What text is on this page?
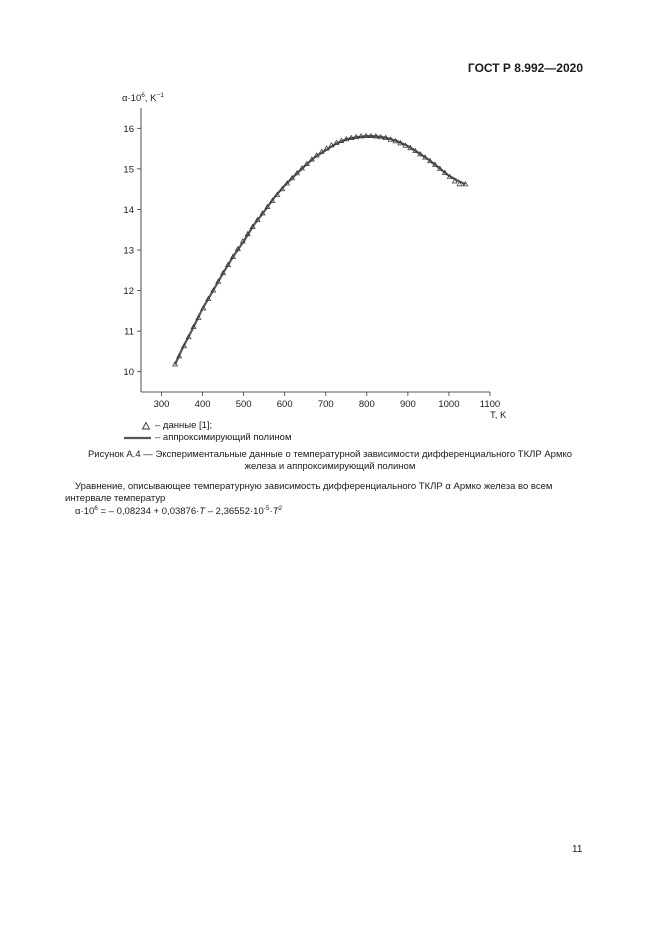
ГОСТ Р 8.992—2020
300	400	500	600	700	800	900 1000 1100
10
11
12
13
14
15
16
$\alpha\cdot 10^6$, $K^{-1}$
T, K
– данные [1];
– аппроксимирующий полином
Рисунок А.4 — Экспериментальные данные о температурной зависимости дифференциального ТКЛР Армко
железа и аппроксимирующий полином
Уравнение, описывающее температурную зависимость дифференциального ТКЛР α Армко железа во всем
интервале температур
$\alpha\cdot 10^6$ = – $0,08234 + 0,03876\cdot T - 2,36552\cdot 10^{-5}\cdot T^2$
11
